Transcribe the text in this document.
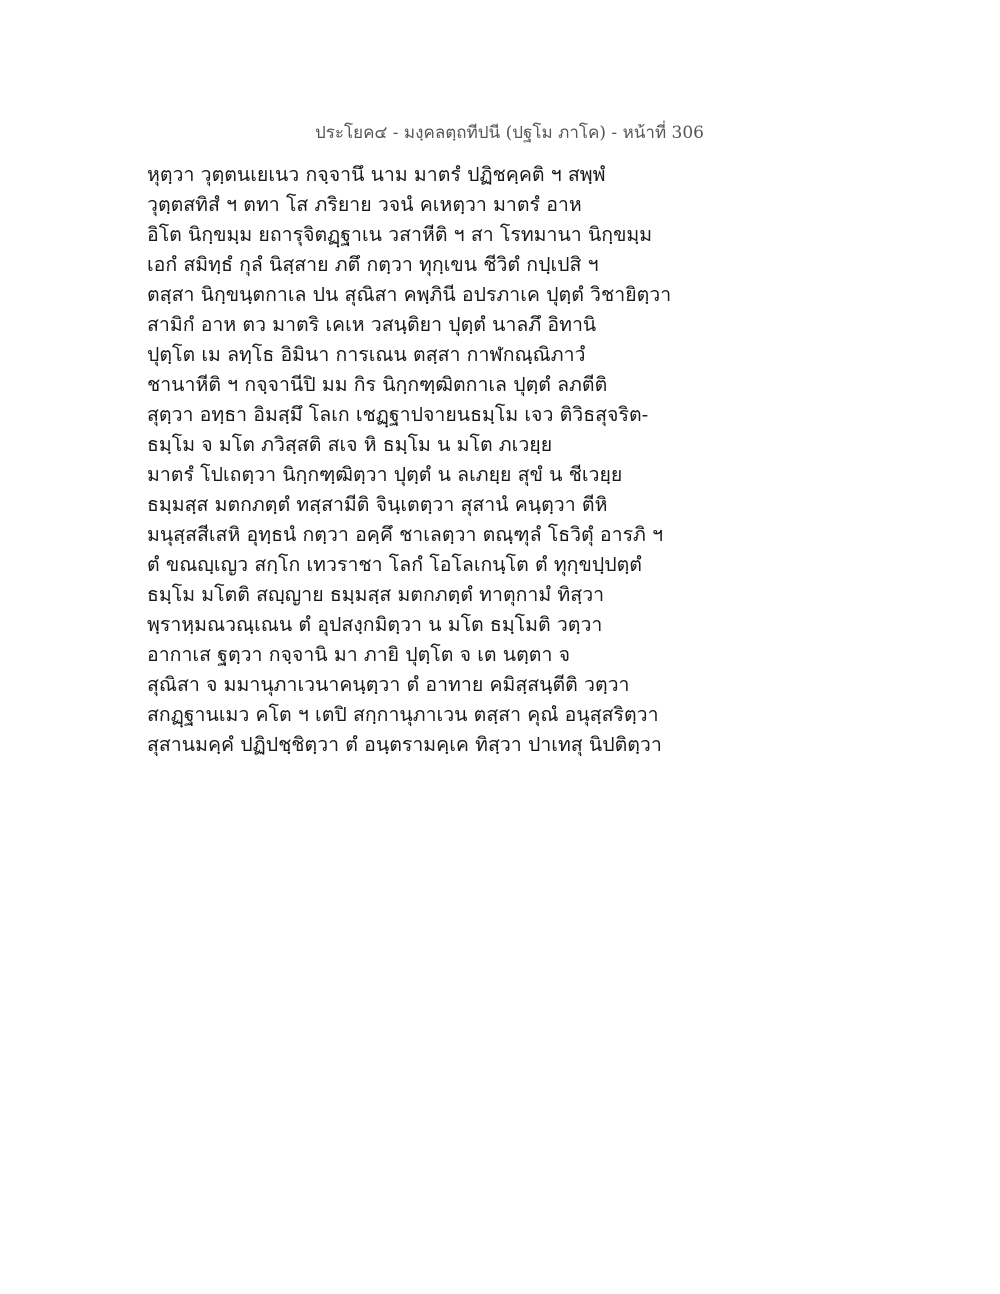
ประโยค๔ - มงฺคลตฺถทีปนี (ปฐโม ภาโค) - หน้าที่ 306
หุตฺวา วุตฺตนเยเนว กจฺจานึ นาม มาตรํ ปฏิชคฺคติ ฯ สพฺพํ
วุตฺตสทิสํ ฯ ตทา โส ภริยาย วจนํ คเหตฺวา มาตรํ อาห
อิโต นิกฺขมฺม ยถารุจิตฏฺฐาเน วสาหีติ ฯ สา โรทมานา นิกฺขมฺม
เอกํ สมิทฺธํ กุลํ นิสฺสาย ภตึ กตฺวา ทุกฺเขน ชีวิตํ กปฺเปสิ ฯ
ตสฺสา นิกฺขนฺตกาเล ปน สุณิสา คพฺภินี อปรภาเค ปุตฺตํ วิชายิตฺวา
สามิกํ อาห ตว มาตริ เคเห วสนฺติยา ปุตฺตํ นาลภึ อิทานิ
ปุตฺโต เม ลทฺโธ อิมินา การเณน ตสฺสา กาฬกณฺณิภาวํ
ชานาหีติ ฯ กจฺจานีปิ มม กิร นิกฺกฑฺฒิตกาเล ปุตฺตํ ลภตีติ
สุตฺวา อทฺธา อิมสฺมึ โลเก เชฏฺฐาปจายนธมฺโม เจว ติวิธสุจริต-
ธมฺโม จ มโต ภวิสฺสติ สเจ หิ ธมฺโม น มโต ภเวยฺย
มาตรํ โปเถตฺวา นิกฺกฑฺฒิตฺวา ปุตฺตํ น ลเภยฺย สุขํ น ชีเวยฺย
ธมฺมสฺส มตกภตฺตํ ทสฺสามีติ จินฺเตตฺวา สุสานํ คนฺตฺวา ตีหิ
มนุสฺสสีเสหิ อุทฺธนํ กตฺวา อคฺคึ ชาเลตฺวา ตณฺฑุลํ โธวิตุํ อารภิ ฯ
ตํ ขณญฺเญว สกฺโก เทวราชา โลกํ โอโลเกนฺโต ตํ ทุกฺขปฺปตฺตํ
ธมฺโม มโตติ สญฺญาย ธมฺมสฺส มตกภตฺตํ ทาตุกามํ ทิสฺวา
พฺราหฺมณวณฺเณน ตํ อุปสงฺกมิตฺวา น มโต ธมฺโมติ วตฺวา
อากาเส ฐตฺวา กจฺจานิ มา ภายิ ปุตฺโต จ เต นตฺตา จ
สุณิสา จ มมานุภาเวนาคนฺตฺวา ตํ อาทาย คมิสฺสนฺตีติ วตฺวา
สกฏฺฐานเมว คโต ฯ เตปิ สกฺกานุภาเวน ตสฺสา คุณํ อนุสฺสริตฺวา
สุสานมคฺคํ ปฏิปชฺชิตฺวา ตํ อนฺตรามคฺเค ทิสฺวา ปาเทสุ นิปติตฺวา
